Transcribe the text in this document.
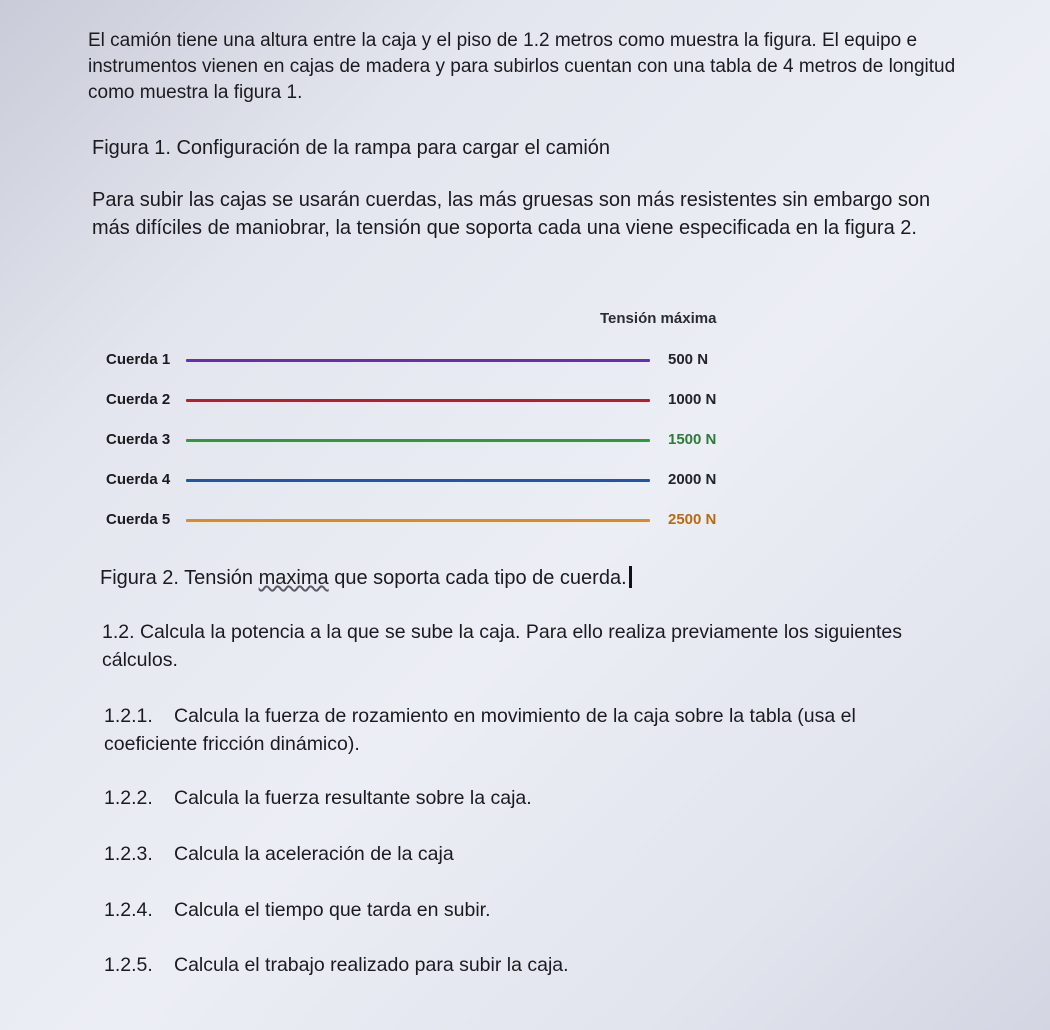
El camión tiene una altura entre la caja y el piso de 1.2 metros como muestra la figura. El equipo e instrumentos vienen en cajas de madera y para subirlos cuentan con una tabla de 4 metros de longitud como muestra la figura 1.

Figura 1. Configuración de la rampa para cargar el camión

Para subir las cajas se usarán cuerdas, las más gruesas son más resistentes sin embargo son más difíciles de maniobrar, la tensión que soporta cada una viene especificada en la figura 2.

Tensión máxima
Cuerda 1	500 N
Cuerda 2	1000 N
Cuerda 3	1500 N
Cuerda 4	2000 N
Cuerda 5	2500 N

Figura 2. Tensión maxima que soporta cada tipo de cuerda.

1.2. Calcula la potencia a la que se sube la caja. Para ello realiza previamente los siguientes cálculos.

1.2.1. Calcula la fuerza de rozamiento en movimiento de la caja sobre la tabla (usa el coeficiente fricción dinámico).

1.2.2. Calcula la fuerza resultante sobre la caja.

1.2.3. Calcula la aceleración de la caja

1.2.4. Calcula el tiempo que tarda en subir.

1.2.5. Calcula el trabajo realizado para subir la caja.
